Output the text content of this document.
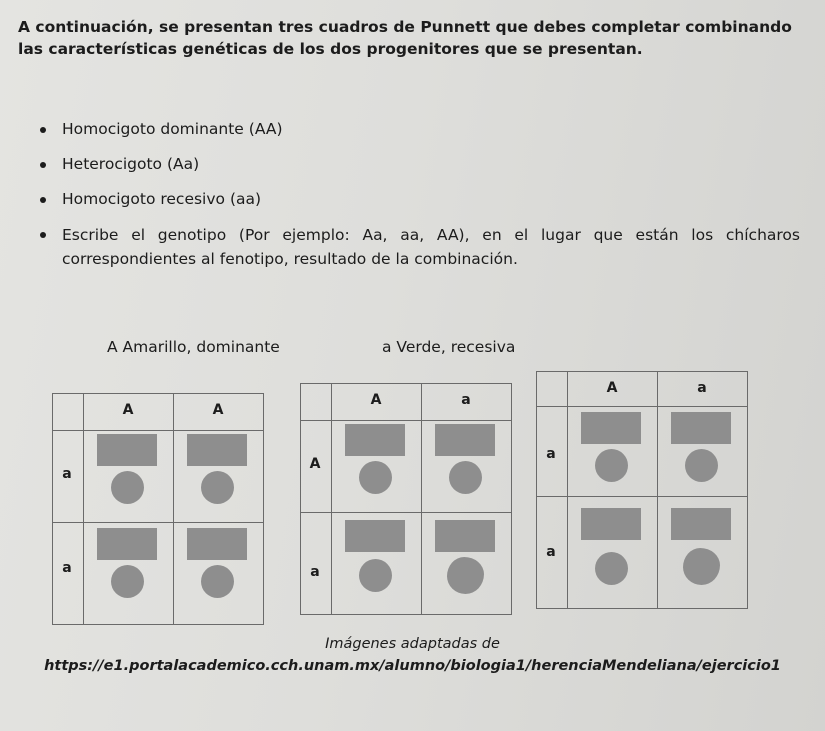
A continuación, se presentan tres cuadros de Punnett que debes completar combinando las características genéticas de los dos progenitores que se presentan.

Homocigoto dominante (AA)
Heterocigoto (Aa)
Homocigoto recesivo (aa)
Escribe el genotipo (Por ejemplo: Aa, aa, AA), en el lugar que están los chícharos correspondientes al fenotipo, resultado de la combinación.
A Amarillo, dominante	a Verde, recesiva
A	A
a
a
A	a
A
a
A	a
a
a
Imágenes adaptadas de
https://e1.portalacademico.cch.unam.mx/alumno/biologia1/herenciaMendeliana/ejercicio1
